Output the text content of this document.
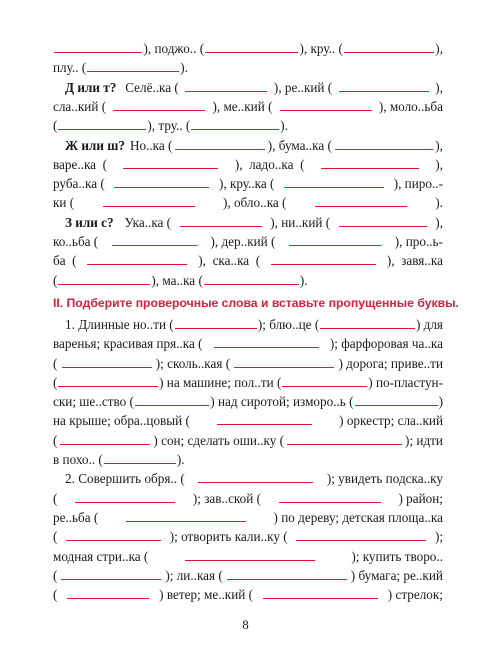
), поджо.. (	), кру.. (	),
плу.. (	).
Д или т? Селё..ка (	), ре..кий (	),
сла..кий (	), ме..кий (	), моло..ьба
(	), тру.. (	).
Ж или ш? Но..ка (	), бума..ка (	),
варе..ка  (	),  ладо..ка  (	),
руба..ка (	), кру..ка (	), пиро..-
ки (	), обло..ка (	).
З или с? Ука..ка (	), ни..кий (	),
ко..ьба (	), дер..кий (	), про..ь-
ба  (	),  ска..ка  (	),  завя..ка
(	), ма..ка (	).
1. Длинные но..ти (	); блю..це (	) для
варенья; красивая пря..ка (	); фарфоровая ча..ка
(	); сколь..кая (	) дорога; приве..ти
(	) на машине; пол..ти (	) по-пластун-
ски; ше..ство (	) над сиротой; изморо..ь (	)
на крыше; обра..цовый (	) оркестр; сла..кий
(	) сон; сделать оши..ку (	); идти
в похо.. (	).
2. Совершить обря.. (	); увидеть подска..ку
(	); зав..ской (	) район;
ре..ьба (	) по дереву; детская площа..ка
(	); отворить кали..ку (	);
модная стри..ка (	); купить творо..
(	); ли..кая (	) бумага; ре..кий
(	) ветер; ме..кий (	) стрелок;
II. Подберите проверочные слова и вставьте пропущенные буквы.
8
